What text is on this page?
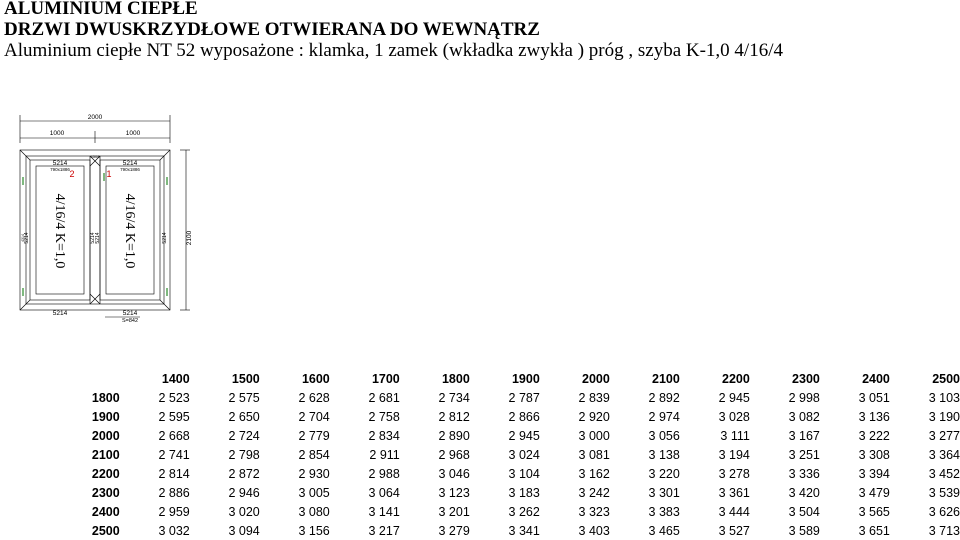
ALUMINIUM CIEPŁE
DRZWI DWUSKRZYDŁOWE OTWIERANA DO WEWNĄTRZ
Aluminium ciepłe NT 52 wyposażone : klamka, 1 zamek (wkładka zwykła ) próg , szyba K-1,0 4/16/4
2000
1000	1000
5214	5214
4508
790x1886	790x1886
5214	5214
S=842
2	1
4/16/4 K=1,0	4/16/4 K=1,0
5214
4314	5214 5214	5214	2100
	1400	1500	1600	1700	1800	1900	2000	2100	2200	2300	2400	2500
1800	2 523	2 575	2 628	2 681	2 734	2 787	2 839	2 892	2 945	2 998	3 051	3 103
1900	2 595	2 650	2 704	2 758	2 812	2 866	2 920	2 974	3 028	3 082	3 136	3 190
2000	2 668	2 724	2 779	2 834	2 890	2 945	3 000	3 056	3 111	3 167	3 222	3 277
2100	2 741	2 798	2 854	2 911	2 968	3 024	3 081	3 138	3 194	3 251	3 308	3 364
2200	2 814	2 872	2 930	2 988	3 046	3 104	3 162	3 220	3 278	3 336	3 394	3 452
2300	2 886	2 946	3 005	3 064	3 123	3 183	3 242	3 301	3 361	3 420	3 479	3 539
2400	2 959	3 020	3 080	3 141	3 201	3 262	3 323	3 383	3 444	3 504	3 565	3 626
2500	3 032	3 094	3 156	3 217	3 279	3 341	3 403	3 465	3 527	3 589	3 651	3 713
